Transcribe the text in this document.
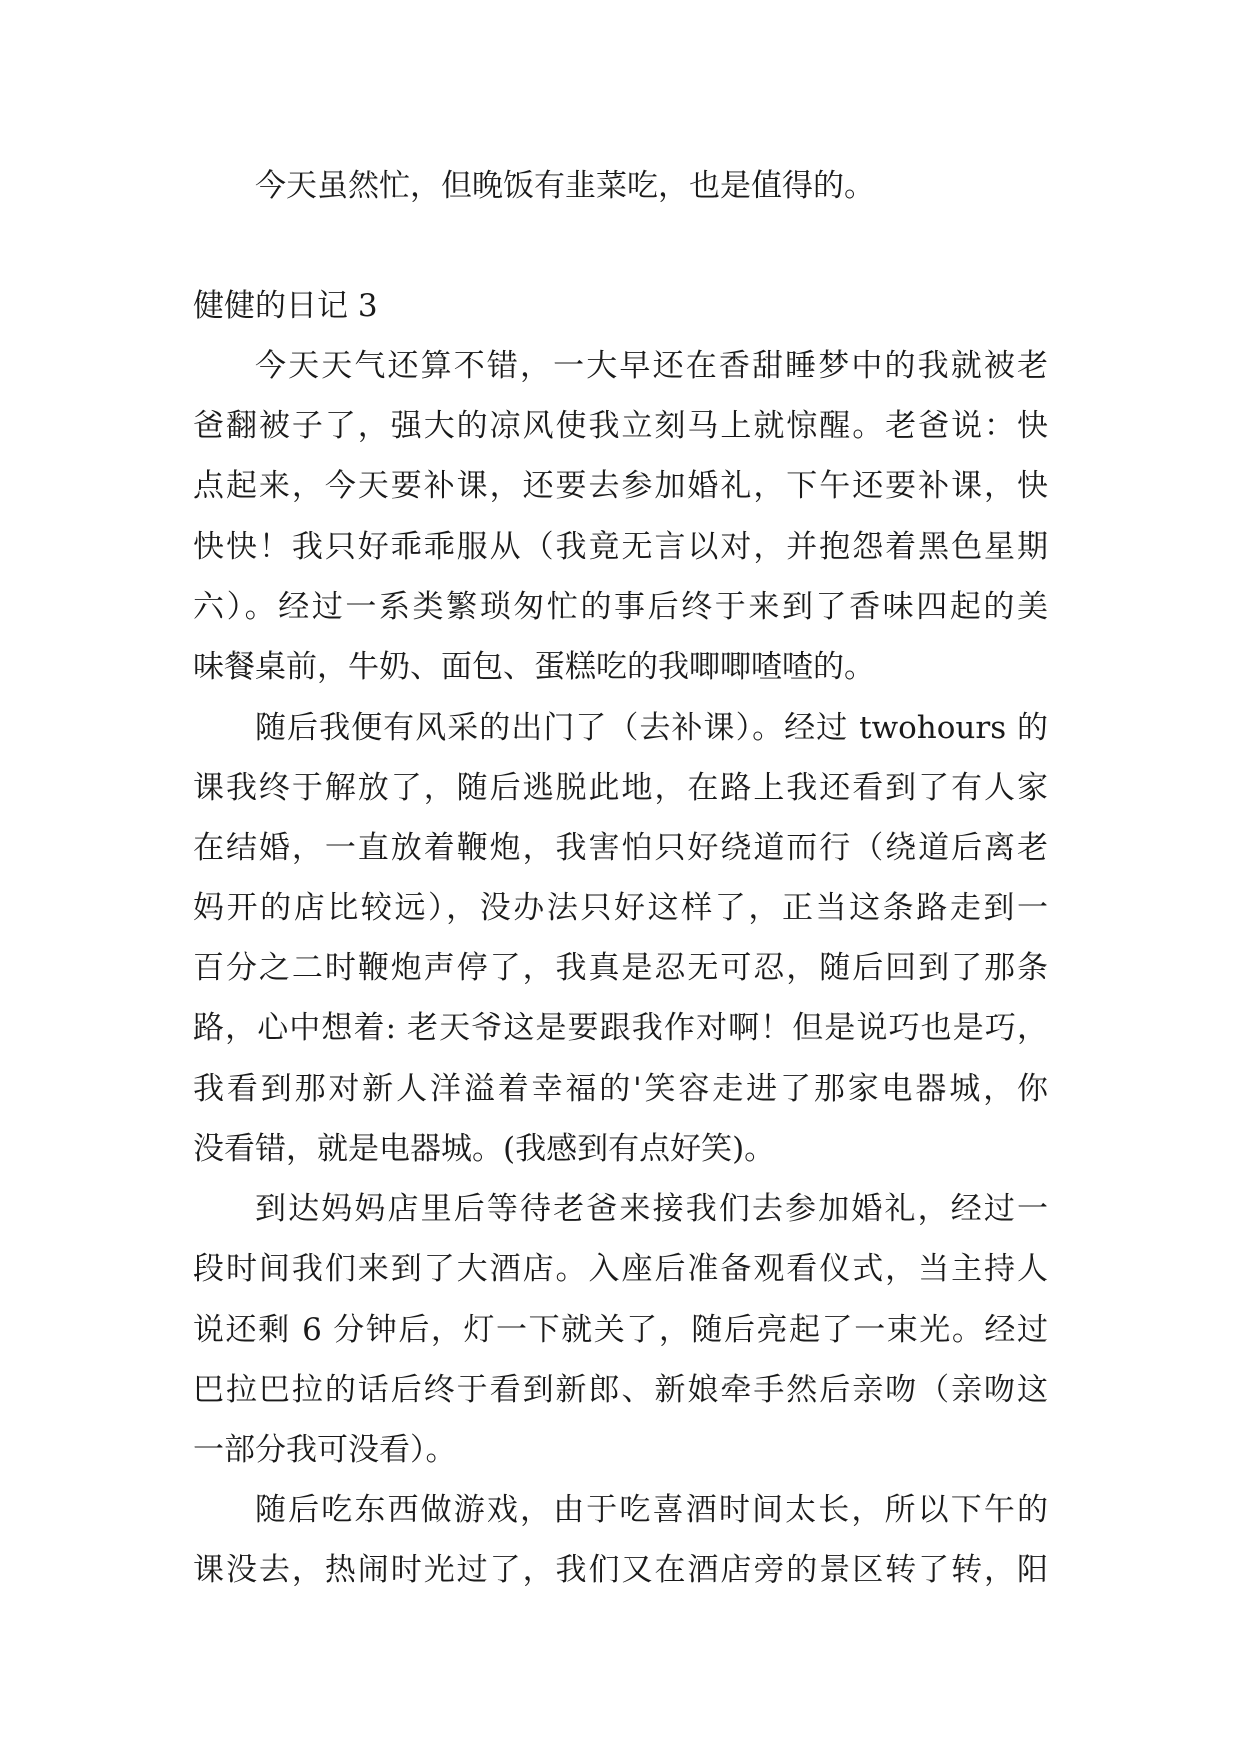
今天虽然忙，但晚饭有韭菜吃，也是值得的。
健健的日记 3
今天天气还算不错，一大早还在香甜睡梦中的我就被老
爸翻被子了，强大的凉风使我立刻马上就惊醒。老爸说：快
点起来，今天要补课，还要去参加婚礼，下午还要补课，快
快快！我只好乖乖服从（我竟无言以对，并抱怨着黑色星期
六）。经过一系类繁琐匆忙的事后终于来到了香味四起的美
味餐桌前，牛奶、面包、蛋糕吃的我唧唧喳喳的。
随后我便有风采的出门了（去补课）。经过 twohours 的
课我终于解放了，随后逃脱此地，在路上我还看到了有人家
在结婚，一直放着鞭炮，我害怕只好绕道而行（绕道后离老
妈开的店比较远），没办法只好这样了，正当这条路走到一
百分之二时鞭炮声停了，我真是忍无可忍，随后回到了那条
路，心中想着: 老天爷这是要跟我作对啊！但是说巧也是巧，
我看到那对新人洋溢着幸福的'笑容走进了那家电器城，你
没看错，就是电器城。(我感到有点好笑)。
到达妈妈店里后等待老爸来接我们去参加婚礼，经过一
段时间我们来到了大酒店。入座后准备观看仪式，当主持人
说还剩 6 分钟后，灯一下就关了，随后亮起了一束光。经过
巴拉巴拉的话后终于看到新郎、新娘牵手然后亲吻（亲吻这
一部分我可没看）。
随后吃东西做游戏，由于吃喜酒时间太长，所以下午的
课没去，热闹时光过了，我们又在酒店旁的景区转了转，阳
